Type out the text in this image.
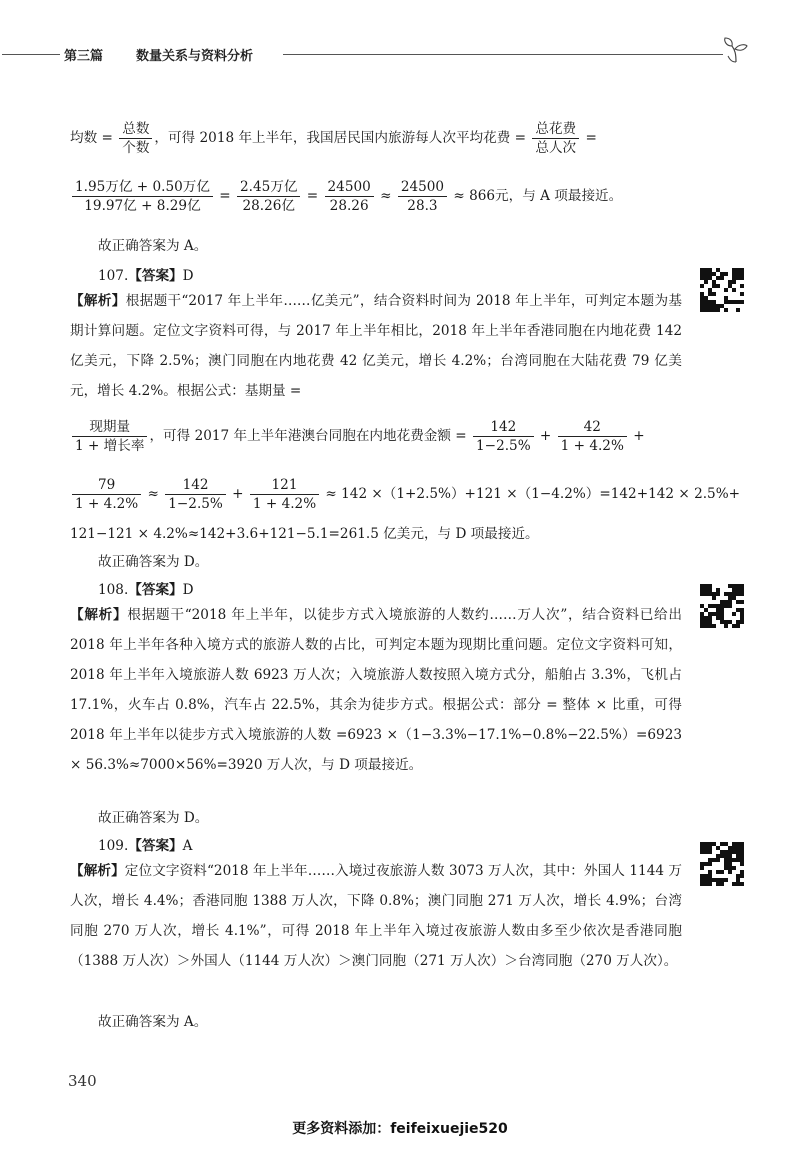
第三篇	数量关系与资料分析
均数 =
总数
个数
，可得 2018 年上半年，我国居民国内旅游每人次平均花费 =
总花费
总人次
=
1.95万亿 + 0.50万亿
19.97亿 + 8.29亿
=
2.45万亿
28.26亿
= $\frac{24500}{28.26} \approx \frac{24500}{28.3} \approx 866$元，与 A 项最接近。
故正确答案为 A。
107.【答案】D
【解析】根据题干“2017 年上半年……亿美元”，结合资料时间为 2018 年上半年，可判定本题为基期计算问题。定位文字资料可得，与 2017 年上半年相比，2018 年上半年香港同胞在内地花费 142 亿美元，下降 2.5%；澳门同胞在内地花费 42 亿美元，增长 4.2%；台湾同胞在大陆花费 79 亿美元，增长 4.2%。根据公式：基期量 =
现期量
1 + 增长率
，可得 2017 年上半年港澳台同胞在内地花费金额 = $\frac{142}{1-2.5\%} + \frac{42}{1 + 4.2\%}$ +
$\frac{79}{1 + 4.2\%} \approx \frac{142}{1-2.5\%} + \frac{121}{1 + 4.2\%} \approx 142 \times(1+2.5\%)+121 \times(1-4.2\%)=142+142 \times 2.5\%+$
121−121 × 4.2%≈142+3.6+121−5.1=261.5 亿美元，与 D 项最接近。
故正确答案为 D。
108.【答案】D
【解析】根据题干“2018 年上半年，以徒步方式入境旅游的人数约……万人次”，结合资料已给出 2018 年上半年各种入境方式的旅游人数的占比，可判定本题为现期比重问题。定位文字资料可知，2018 年上半年入境旅游人数 6923 万人次；入境旅游人数按照入境方式分，船舶占 3.3%，飞机占 17.1%，火车占 0.8%，汽车占 22.5%，其余为徒步方式。根据公式：部分 = 整体 × 比重，可得 2018 年上半年以徒步方式入境旅游的人数 =6923 ×（1−3.3%−17.1%−0.8%−22.5%）=6923 × 56.3%≈7000×56%=3920 万人次，与 D 项最接近。
故正确答案为 D。
109.【答案】A
【解析】定位文字资料“2018 年上半年……入境过夜旅游人数 3073 万人次，其中：外国人 1144 万人次，增长 4.4%；香港同胞 1388 万人次，下降 0.8%；澳门同胞 271 万人次，增长 4.9%；台湾同胞 270 万人次，增长 4.1%”，可得 2018 年上半年入境过夜旅游人数由多至少依次是香港同胞（1388 万人次）＞外国人（1144 万人次）＞澳门同胞（271 万人次）＞台湾同胞（270 万人次）。
故正确答案为 A。
340
更多资料添加：feifeixuejie520
